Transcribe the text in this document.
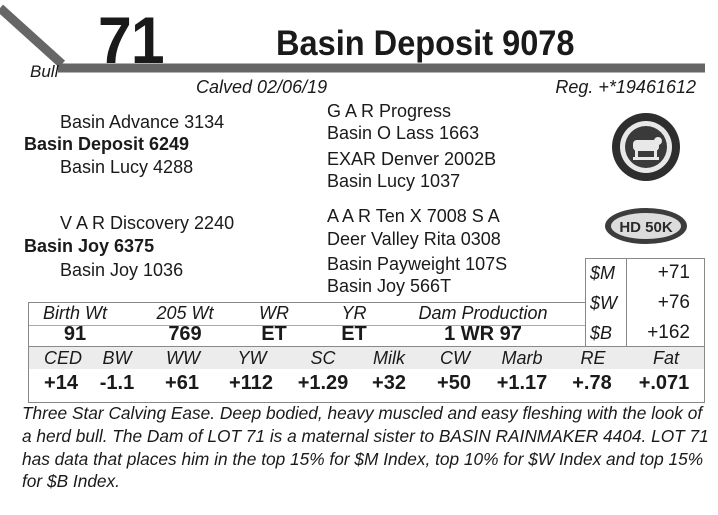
Bull 71	Basin Deposit 9078
Calved 02/06/19	Reg. +*19461612
Basin Advance 3134
Basin Deposit 6249
Basin Lucy 4288
V A R Discovery 2240
Basin Joy 6375
Basin Joy 1036
G A R Progress
Basin O Lass 1663
EXAR Denver 2002B
Basin Lucy 1037
A A R Ten X 7008 S A
Deer Valley Rita 0308
Basin Payweight 107S
Basin Joy 566T
HD 50K
$M +71
$W +76
$B +162
Birth Wt	205 Wt	WR	YR	Dam Production
91	769	ET	ET	1 WR 97
CED	BW	WW	YW	SC	Milk	CW	Marb	RE	Fat
+14	-1.1	+61	+112	+1.29	+32	+50	+1.17	+.78	+.071
Three Star Calving Ease. Deep bodied, heavy muscled and easy fleshing with the look of a herd bull. The Dam of LOT 71 is a maternal sister to BASIN RAINMAKER 4404. LOT 71 has data that places him in the top 15% for $M Index, top 10% for $W Index and top 15% for $B Index.
